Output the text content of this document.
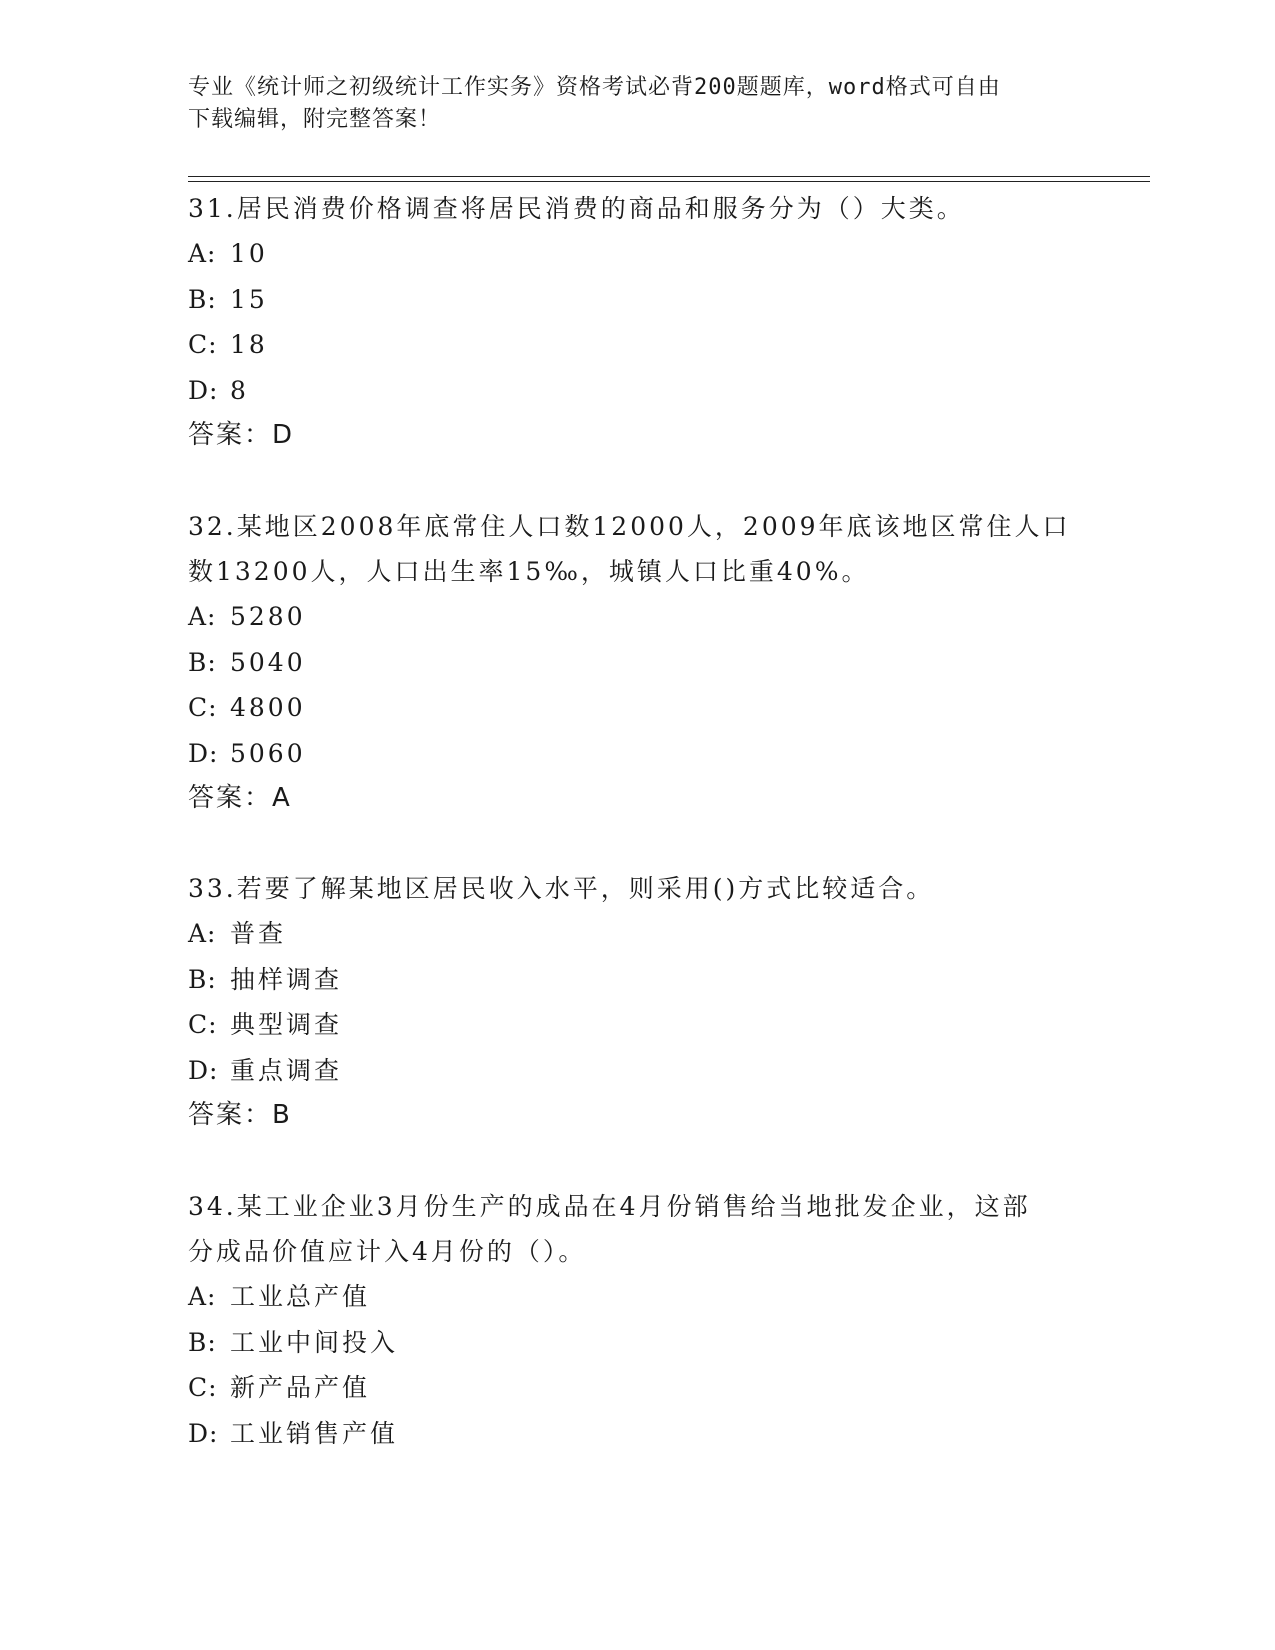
专业《统计师之初级统计工作实务》资格考试必背200题题库，word格式可自由
下载编辑，附完整答案！
31.居民消费价格调查将居民消费的商品和服务分为（）大类。
A: 10
B: 15
C: 18
D: 8
答案：D
32.某地区2008年底常住人口数12000人，2009年底该地区常住人口
数13200人，人口出生率15‰，城镇人口比重40%。
A: 5280
B: 5040
C: 4800
D: 5060
答案：A
33.若要了解某地区居民收入水平，则采用()方式比较适合。
A: 普查
B: 抽样调查
C: 典型调查
D: 重点调查
答案：B
34.某工业企业3月份生产的成品在4月份销售给当地批发企业，这部
分成品价值应计入4月份的（）。
A: 工业总产值
B: 工业中间投入
C: 新产品产值
D: 工业销售产值
